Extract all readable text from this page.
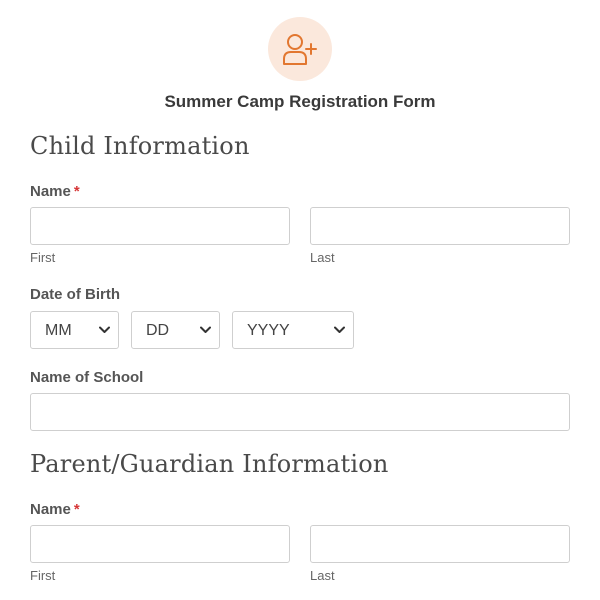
Summer Camp Registration Form
Child Information
Name *
First	Last
Date of Birth
MM	DD	YYYY
Name of School
Parent/Guardian Information
Name *
First	Last
